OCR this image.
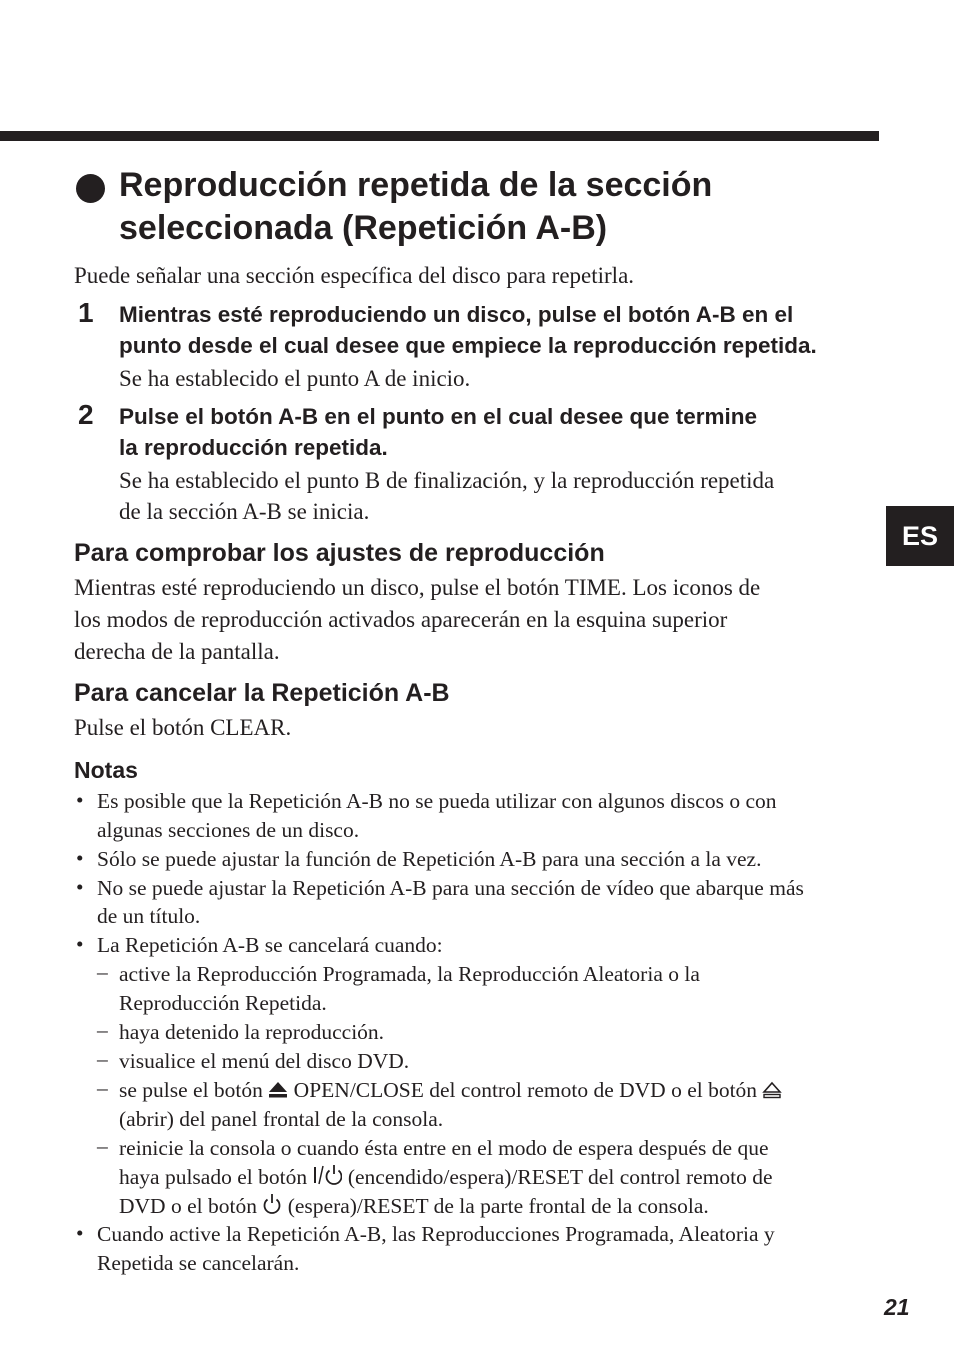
ES
Reproducción repetida de la sección
seleccionada (Repetición A-B)
Puede señalar una sección específica del disco para repetirla.
1 Mientras esté reproduciendo un disco, pulse el botón A-B en el
punto desde el cual desee que empiece la reproducción repetida.
Se ha establecido el punto A de inicio.
2 Pulse el botón A-B en el punto en el cual desee que termine
la reproducción repetida.
Se ha establecido el punto B de finalización, y la reproducción repetida
de la sección A-B se inicia.
Para comprobar los ajustes de reproducción
Mientras esté reproduciendo un disco, pulse el botón TIME. Los iconos de
los modos de reproducción activados aparecerán en la esquina superior
derecha de la pantalla.
Para cancelar la Repetición A-B
Pulse el botón CLEAR.
Notas
• Es posible que la Repetición A-B no se pueda utilizar con algunos discos o con
algunas secciones de un disco.
• Sólo se puede ajustar la función de Repetición A-B para una sección a la vez.
• No se puede ajustar la Repetición A-B para una sección de vídeo que abarque más
de un título.
• La Repetición A-B se cancelará cuando:
– active la Reproducción Programada, la Reproducción Aleatoria o la
Reproducción Repetida.
– haya detenido la reproducción.
– visualice el menú del disco DVD.
– se pulse el botón OPEN/CLOSE del control remoto de DVD o el botón
(abrir) del panel frontal de la consola.
– reinicie la consola o cuando ésta entre en el modo de espera después de que
haya pulsado el botón (encendido/espera)/RESET del control remoto de
DVD o el botón (espera)/RESET de la parte frontal de la consola.
• Cuando active la Repetición A-B, las Reproducciones Programada, Aleatoria y
Repetida se cancelarán.
21
